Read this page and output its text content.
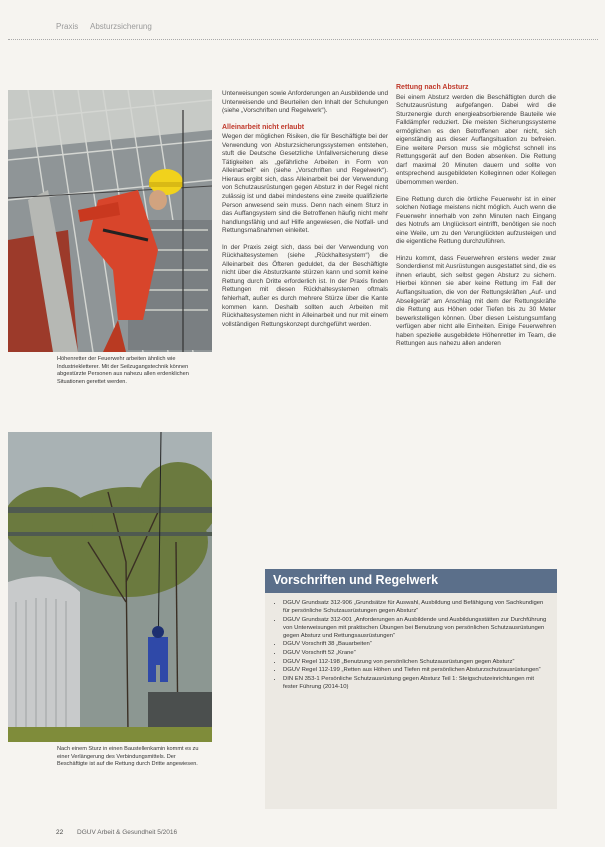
Praxis Absturzsicherung
Höhenretter der Feuerwehr arbeiten ähnlich wie Industriekletterer. Mit der Seilzugangstechnik können abgestürzte Personen aus nahezu allen erdenklichen Situationen gerettet werden.
Nach einem Sturz in einen Baustellenkamin kommt es zu einer Verlängerung des Verbindungsmittels. Der Beschäftigte ist auf die Rettung durch Dritte angewiesen.

Unterweisungen sowie Anforderungen an Ausbildende und Unterweisende und Beurteilen den Inhalt der Schulungen (siehe „Vorschriften und Regelwerk“).

Alleinarbeit nicht erlaubt

Wegen der möglichen Risiken, die für Beschäftigte bei der Verwendung von Absturzsicherungssystemen entstehen, stuft die Deutsche Gesetzliche Unfallversicherung diese Tätigkeiten als „gefährliche Arbeiten in Form von Alleinarbeit“ ein (siehe „Vorschriften und Regelwerk“). Hieraus ergibt sich, dass Alleinarbeit bei der Verwendung von Schutzausrüstungen gegen Absturz in der Regel nicht zulässig ist und dabei mindestens eine zweite qualifizierte Person anwesend sein muss. Denn nach einem Sturz in das Auffangsystem sind die Betroffenen häufig nicht mehr handlungsfähig und auf Hilfe angewiesen, die Notfall- und Rettungsmaßnahmen einleitet.

In der Praxis zeigt sich, dass bei der Verwendung von Rückhaltesystemen (siehe „Rückhaltesystem“) die Alleinarbeit des Öfteren geduldet, da der Beschäftigte nicht über die Absturzkante stürzen kann und somit keine Rettung durch Dritte erforderlich ist. In der Praxis finden Rettungen mit diesen Rückhaltesystemen oftmals fehlerhaft, außer es durch mehrere Stürze über die Kante kommen kann. Deshalb sollten auch Arbeiten mit Rückhaltesystemen nicht in Alleinarbeit und nur mit einem vollständigen Rettungskonzept durchgeführt werden.

Rettung nach Absturz

Bei einem Absturz werden die Beschäftigten durch die Schutzausrüstung aufgefangen. Dabei wird die Sturzenergie durch energieabsorbierende Bauteile wie Falldämpfer reduziert. Die meisten Sicherungssysteme ermöglichen es den Betroffenen aber nicht, sich eigenständig aus dieser Auffangsituation zu befreien. Eine weitere Person muss sie möglichst schnell ins Rettungsgerät auf den Boden absenken. Die Rettung darf maximal 20 Minuten dauern und sollte von entsprechend ausgebildeten Kolleginnen oder Kollegen übernommen werden.

Eine Rettung durch die örtliche Feuerwehr ist in einer solchen Notlage meistens nicht möglich. Auch wenn die Feuerwehr innerhalb von zehn Minuten nach Eingang des Notrufs am Unglücksort eintrifft, benötigen sie noch eine Weile, um zu den Verunglückten aufzusteigen und die eigentliche Rettung durchzuführen.

Hinzu kommt, dass Feuerwehren erstens weder zwar Sonderdienst mit Ausrüstungen ausgestattet sind, die es ihnen erlaubt, sich selbst gegen Absturz zu sichern. Hierbei können sie aber keine Rettung im Fall der Auffangsituation, die von der Rettungskräften „Auf- und Abseilgerät“ am Anschlag mit dem der Rettungskräfte die Rettung aus Höhen oder Tiefen bis zu 30 Meter bewerkstelligen können. Über diesen Leistungsumfang verfügen aber nicht alle Einheiten. Einige Feuerwehren haben spezielle ausgebildete Höhenretter im Team, die Rettungen aus nahezu allen anderen

Vorschriften und Regelwerk
• DGUV Grundsatz 312-906 „Grundsätze für Auswahl, Ausbildung und Befähigung von Sachkundigen für persönliche Schutzausrüstungen gegen Absturz“
• DGUV Grundsatz 312-001 „Anforderungen an Ausbildende und Ausbildungsstätten zur Durchführung von Unterweisungen mit praktischen Übungen bei Benutzung von persönlichen Schutzausrüstungen gegen Absturz und Rettungsausrüstungen“
• DGUV Vorschrift 38 „Bauarbeiten“
• DGUV Vorschrift 52 „Krane“
• DGUV Regel 112-198 „Benutzung von persönlichen Schutzausrüstungen gegen Absturz“
• DGUV Regel 112-199 „Retten aus Höhen und Tiefen mit persönlichen Absturzschutzausrüstungen“
• DIN EN 353-1 Persönliche Schutzausrüstung gegen Absturz Teil 1: Steigschutzeinrichtungen mit fester Führung (2014-10)
22 DGUV Arbeit & Gesundheit 5/2016
